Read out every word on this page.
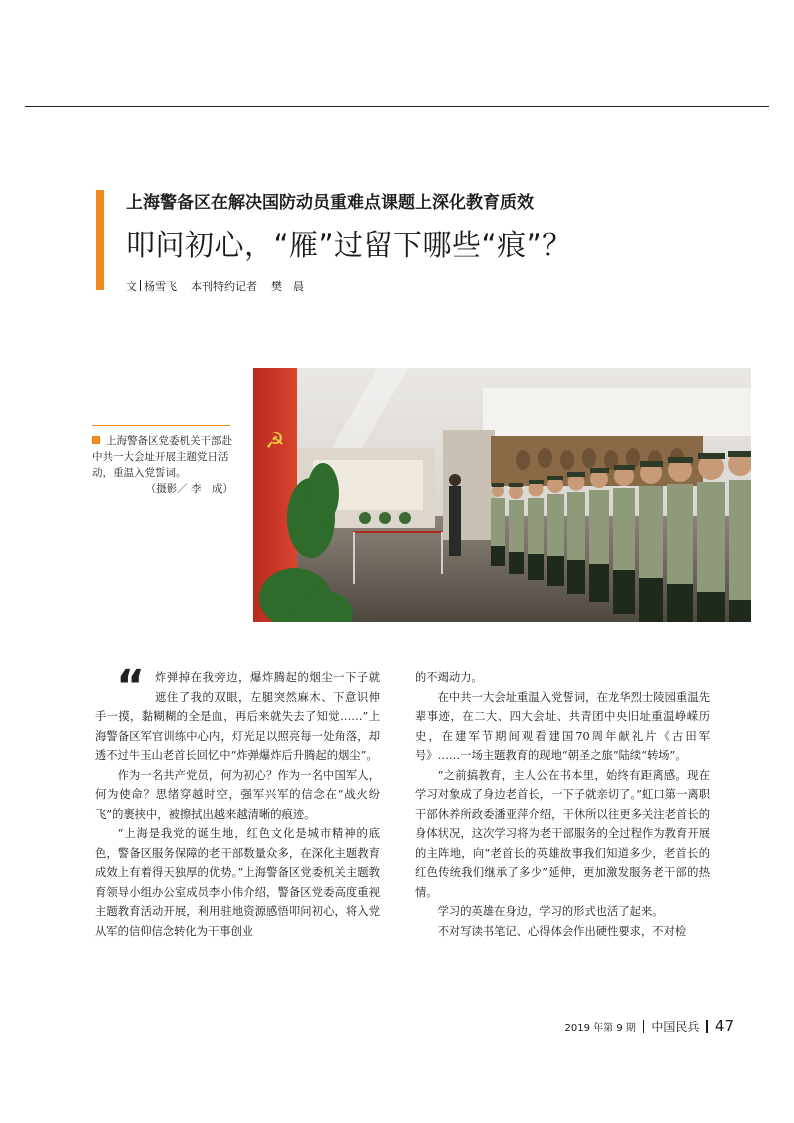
上海警备区在解决国防动员重难点课题上深化教育质效
叩问初心，“雁”过留下哪些“痕”？
文 杨雪飞 本刊特约记者 樊　晨
上海警备区党委机关干部赴中共一大会址开展主题党日活动，重温入党誓词。
（摄影／ 李　成）
☭
“ 炸弹掉在我旁边，爆炸腾起的烟尘一下子就遮住了我的双眼，左腿突然麻木、下意识伸手一摸，黏糊糊的全是血，再后来就失去了知觉……”上海警备区军官训练中心内，灯光足以照亮每一处角落，却透不过牛玉山老首长回忆中“炸弹爆炸后升腾起的烟尘”。

作为一名共产党员，何为初心？作为一名中国军人，何为使命？思绪穿越时空，强军兴军的信念在“战火纷飞”的裹挟中，被擦拭出越来越清晰的痕迹。

“上海是我党的诞生地，红色文化是城市精神的底色，警备区服务保障的老干部数量众多，在深化主题教育成效上有着得天独厚的优势。”上海警备区党委机关主题教育领导小组办公室成员李小伟介绍，警备区党委高度重视主题教育活动开展，利用驻地资源感悟叩问初心，将入党从军的信仰信念转化为干事创业

的不竭动力。

在中共一大会址重温入党誓词，在龙华烈士陵园重温先辈事迹，在二大、四大会址、共青团中央旧址重温峥嵘历史，在建军节期间观看建国70周年献礼片《古田军号》……一场主题教育的现地“朝圣之旅”陆续“转场”。

“之前搞教育，主人公在书本里，始终有距离感。现在学习对象成了身边老首长，一下子就亲切了。”虹口第一离职干部休养所政委潘亚萍介绍，干休所以往更多关注老首长的身体状况，这次学习将为老干部服务的全过程作为教育开展的主阵地，向“老首长的英雄故事我们知道多少，老首长的红色传统我们继承了多少”延伸，更加激发服务老干部的热情。

学习的英雄在身边，学习的形式也活了起来。

不对写读书笔记、心得体会作出硬性要求，不对检

2019 年第 9 期 中国民兵 47
